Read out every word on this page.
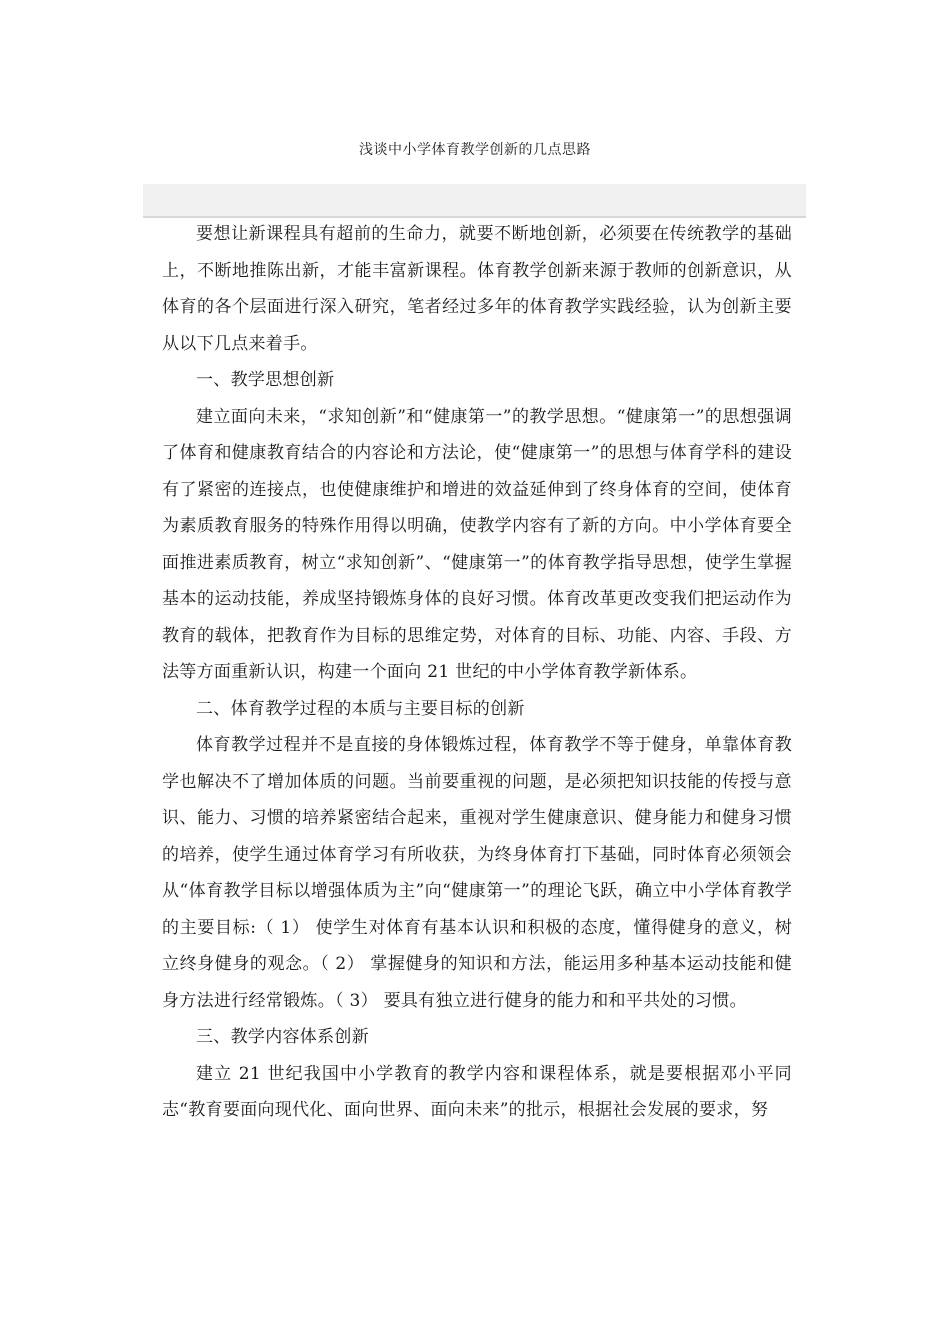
浅谈中小学体育教学创新的几点思路

要想让新课程具有超前的生命力，就要不断地创新，必须要在传统教学的基础上，不断地推陈出新，才能丰富新课程。体育教学创新来源于教师的创新意识，从体育的各个层面进行深入研究，笔者经过多年的体育教学实践经验，认为创新主要从以下几点来着手。

一、教学思想创新

建立面向未来，“求知创新”和“健康第一”的教学思想。“健康第一”的思想强调了体育和健康教育结合的内容论和方法论，使“健康第一”的思想与体育学科的建设有了紧密的连接点，也使健康维护和增进的效益延伸到了终身体育的空间，使体育为素质教育服务的特殊作用得以明确，使教学内容有了新的方向。中小学体育要全面推进素质教育，树立“求知创新”、“健康第一”的体育教学指导思想，使学生掌握基本的运动技能，养成坚持锻炼身体的良好习惯。体育改革更改变我们把运动作为教育的载体，把教育作为目标的思维定势，对体育的目标、功能、内容、手段、方法等方面重新认识，构建一个面向 21 世纪的中小学体育教学新体系。

二、体育教学过程的本质与主要目标的创新

体育教学过程并不是直接的身体锻炼过程，体育教学不等于健身，单靠体育教学也解决不了增加体质的问题。当前要重视的问题，是必须把知识技能的传授与意识、能力、习惯的培养紧密结合起来，重视对学生健康意识、健身能力和健身习惯的培养，使学生通过体育学习有所收获，为终身体育打下基础，同时体育必须领会从“体育教学目标以增强体质为主”向“健康第一”的理论飞跃，确立中小学体育教学的主要目标:（ 1） 使学生对体育有基本认识和积极的态度，懂得健身的意义，树立终身健身的观念。（ 2） 掌握健身的知识和方法，能运用多种基本运动技能和健身方法进行经常锻炼。（ 3） 要具有独立进行健身的能力和和平共处的习惯。

三、教学内容体系创新

建立 21 世纪我国中小学教育的教学内容和课程体系，就是要根据邓小平同志“教育要面向现代化、面向世界、面向未来”的批示，根据社会发展的要求，努
